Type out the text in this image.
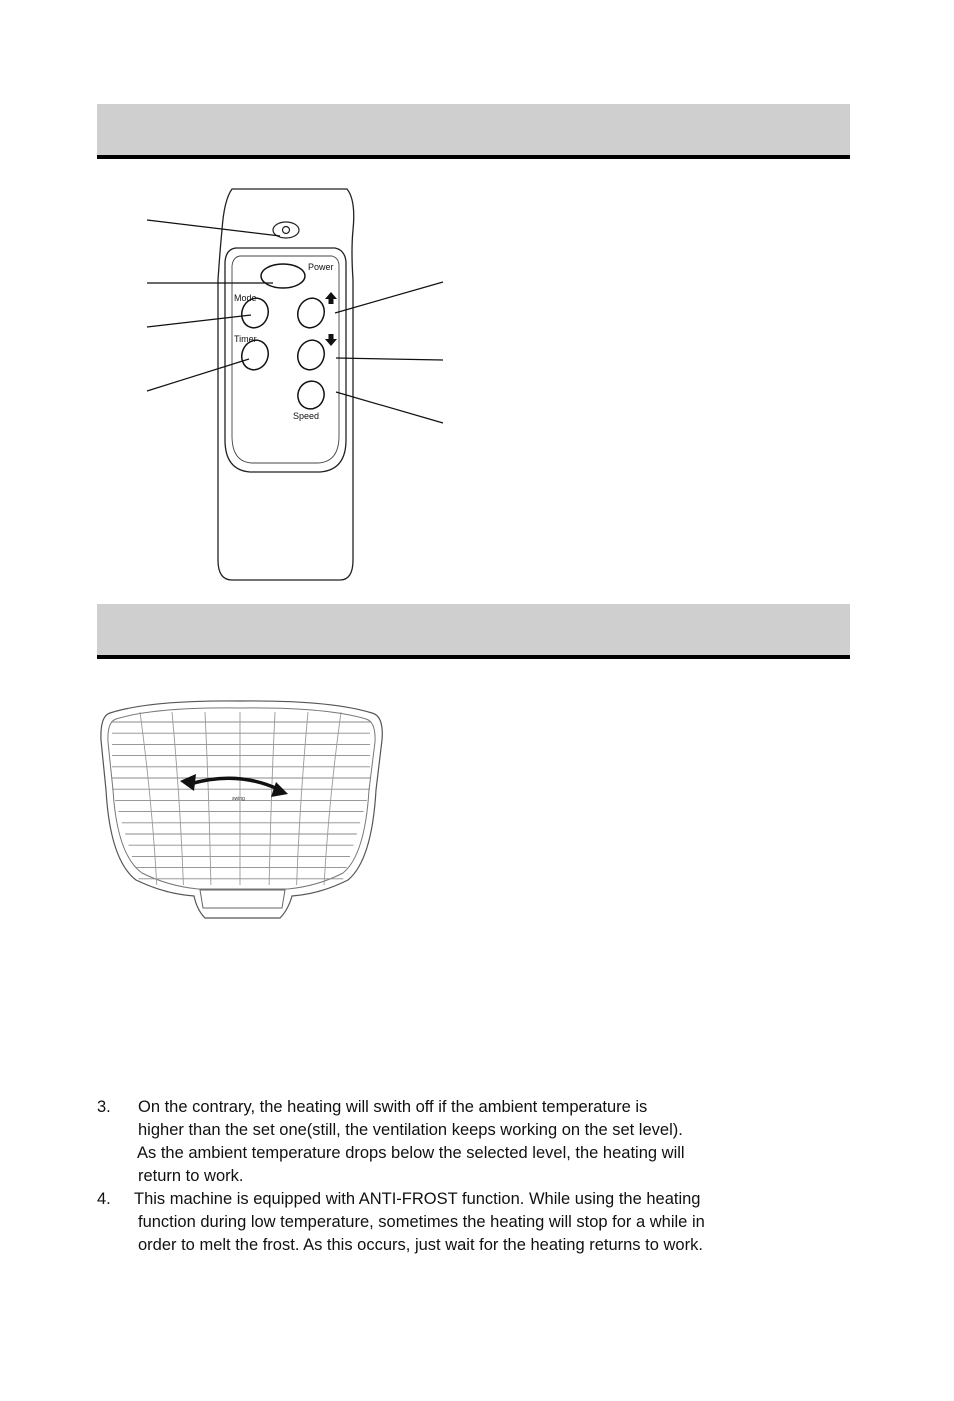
Power
Mode
Timer
Speed
swing
3. On the contrary, the heating will swith off if the ambient temperature is
higher than the set one(still, the ventilation keeps working on the set level).
As the ambient temperature drops below the selected level, the heating will
return to work.
4. This machine is equipped with ANTI-FROST function. While using the heating
function during low temperature, sometimes the heating will stop for a while in
order to melt the frost. As this occurs, just wait for the heating returns to work.
